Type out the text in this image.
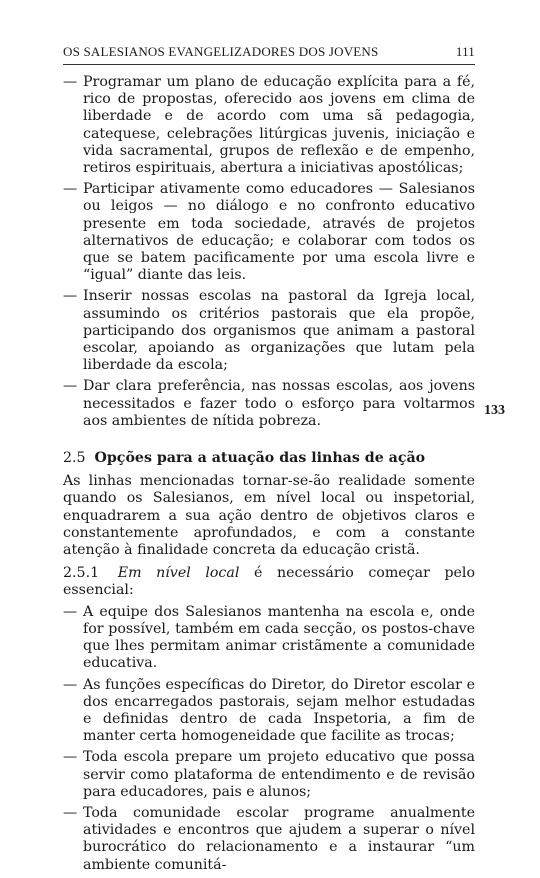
OS SALESIANOS EVANGELIZADORES DOS JOVENS	111
— Programar um plano de educação explícita para a fé, rico de propostas, oferecido aos jovens em clima de liberdade e de acordo com uma sã pedagogia, catequese, celebrações litúrgicas juvenis, iniciação e vida sacramental, grupos de reflexão e de empenho, retiros espirituais, abertura a iniciativas apostólicas;
— Participar ativamente como educadores — Salesianos ou leigos — no diálogo e no confronto educativo presente em toda sociedade, através de projetos alternativos de educação; e colaborar com todos os que se batem pacificamente por uma escola livre e “igual” diante das leis.
— Inserir nossas escolas na pastoral da Igreja local, assumindo os critérios pastorais que ela propõe, participando dos organismos que animam a pastoral escolar, apoiando as organizações que lutam pela liberdade da escola;
— Dar clara preferência, nas nossas escolas, aos jovens necessitados e fazer todo o esforço para voltarmos aos ambientes de nítida pobreza.
2.5 Opções para a atuação das linhas de ação
As linhas mencionadas tornar-se-ão realidade somente quando os Salesianos, em nível local ou inspetorial, enquadrarem a sua ação dentro de objetivos claros e constantemente aprofundados, e com a constante atenção à finalidade concreta da educação cristã.
2.5.1 Em nível local é necessário começar pelo essencial:
— A equipe dos Salesianos mantenha na escola e, onde for possível, também em cada secção, os postos-chave que lhes permitam animar cristãmente a comunidade educativa.
— As funções específicas do Diretor, do Diretor escolar e dos encarregados pastorais, sejam melhor estudadas e definidas dentro de cada Inspetoria, a fim de manter certa homogeneidade que facilite as trocas;
— Toda escola prepare um projeto educativo que possa servir como plataforma de entendimento e de revisão para educadores, pais e alunos;
— Toda comunidade escolar programe anualmente atividades e encontros que ajudem a superar o nível burocrático do relacionamento e a instaurar “um ambiente comunitá-
133
